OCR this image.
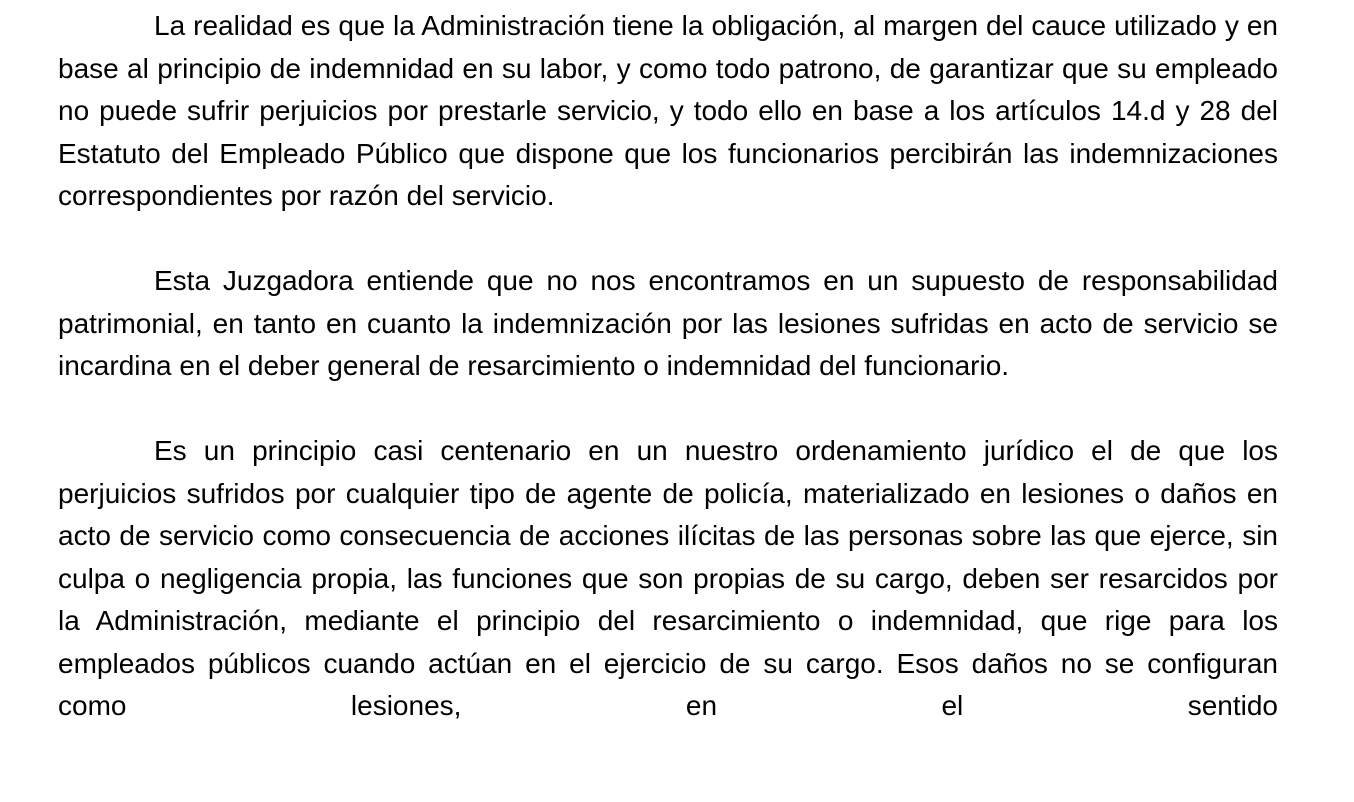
La realidad es que la Administración tiene la obligación, al margen del cauce utilizado y en base al principio de indemnidad en su labor, y como todo patrono, de garantizar que su empleado no puede sufrir perjuicios por prestarle servicio, y todo ello en base a los artículos 14.d y 28 del Estatuto del Empleado Público que dispone que los funcionarios percibirán las indemnizaciones correspondientes por razón del servicio.

Esta Juzgadora entiende que no nos encontramos en un supuesto de responsabilidad patrimonial, en tanto en cuanto la indemnización por las lesiones sufridas en acto de servicio se incardina en el deber general de resarcimiento o indemnidad del funcionario.

Es un principio casi centenario en un nuestro ordenamiento jurídico el de que los perjuicios sufridos por cualquier tipo de agente de policía, materializado en lesiones o daños en acto de servicio como consecuencia de acciones ilícitas de las personas sobre las que ejerce, sin culpa o negligencia propia, las funciones que son propias de su cargo, deben ser resarcidos por la Administración, mediante el principio del resarcimiento o indemnidad, que rige para los empleados públicos cuando actúan en el ejercicio de su cargo. Esos daños no se configuran como lesiones, en el sentido
